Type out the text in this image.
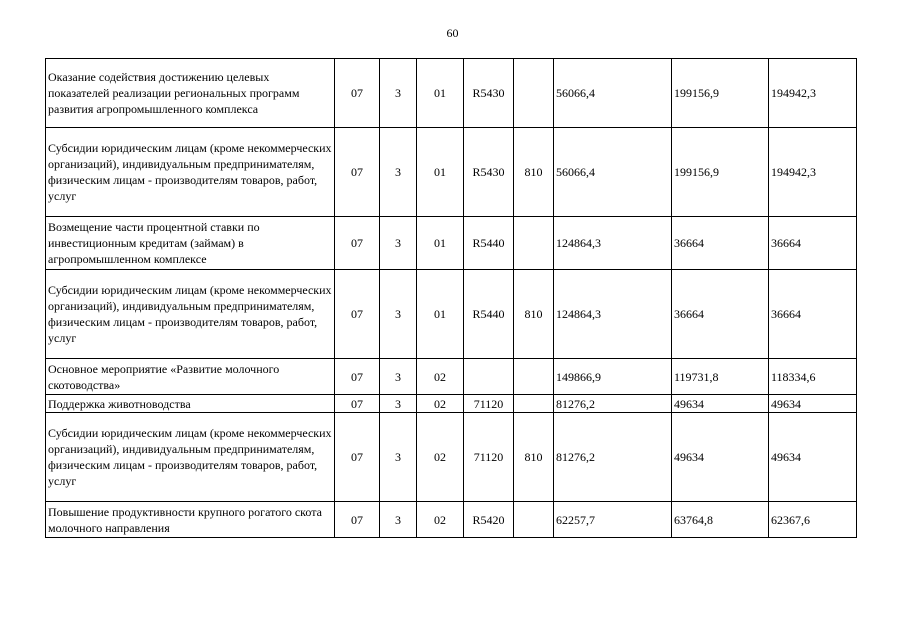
60
Оказание содействия достижению целевых показателей реализации региональных программ развития агропромышленного комплекса	07	3	01	R5430		56066,4	199156,9	194942,3
Субсидии юридическим лицам (кроме некоммерческих организаций), индивидуальным предпринимателям, физическим лицам - производителям товаров, работ, услуг	07	3	01	R5430	810	56066,4	199156,9	194942,3
Возмещение части процентной ставки по инвестиционным кредитам (займам) в агропромышленном комплексе	07	3	01	R5440		124864,3	36664	36664
Субсидии юридическим лицам (кроме некоммерческих организаций), индивидуальным предпринимателям, физическим лицам - производителям товаров, работ, услуг	07	3	01	R5440	810	124864,3	36664	36664
Основное мероприятие «Развитие молочного скотоводства»	07	3	02			149866,9	119731,8	118334,6
Поддержка животноводства	07	3	02	71120		81276,2	49634	49634
Субсидии юридическим лицам (кроме некоммерческих организаций), индивидуальным предпринимателям, физическим лицам - производителям товаров, работ, услуг	07	3	02	71120	810	81276,2	49634	49634
Повышение продуктивности крупного рогатого скота молочного направления	07	3	02	R5420		62257,7	63764,8	62367,6
